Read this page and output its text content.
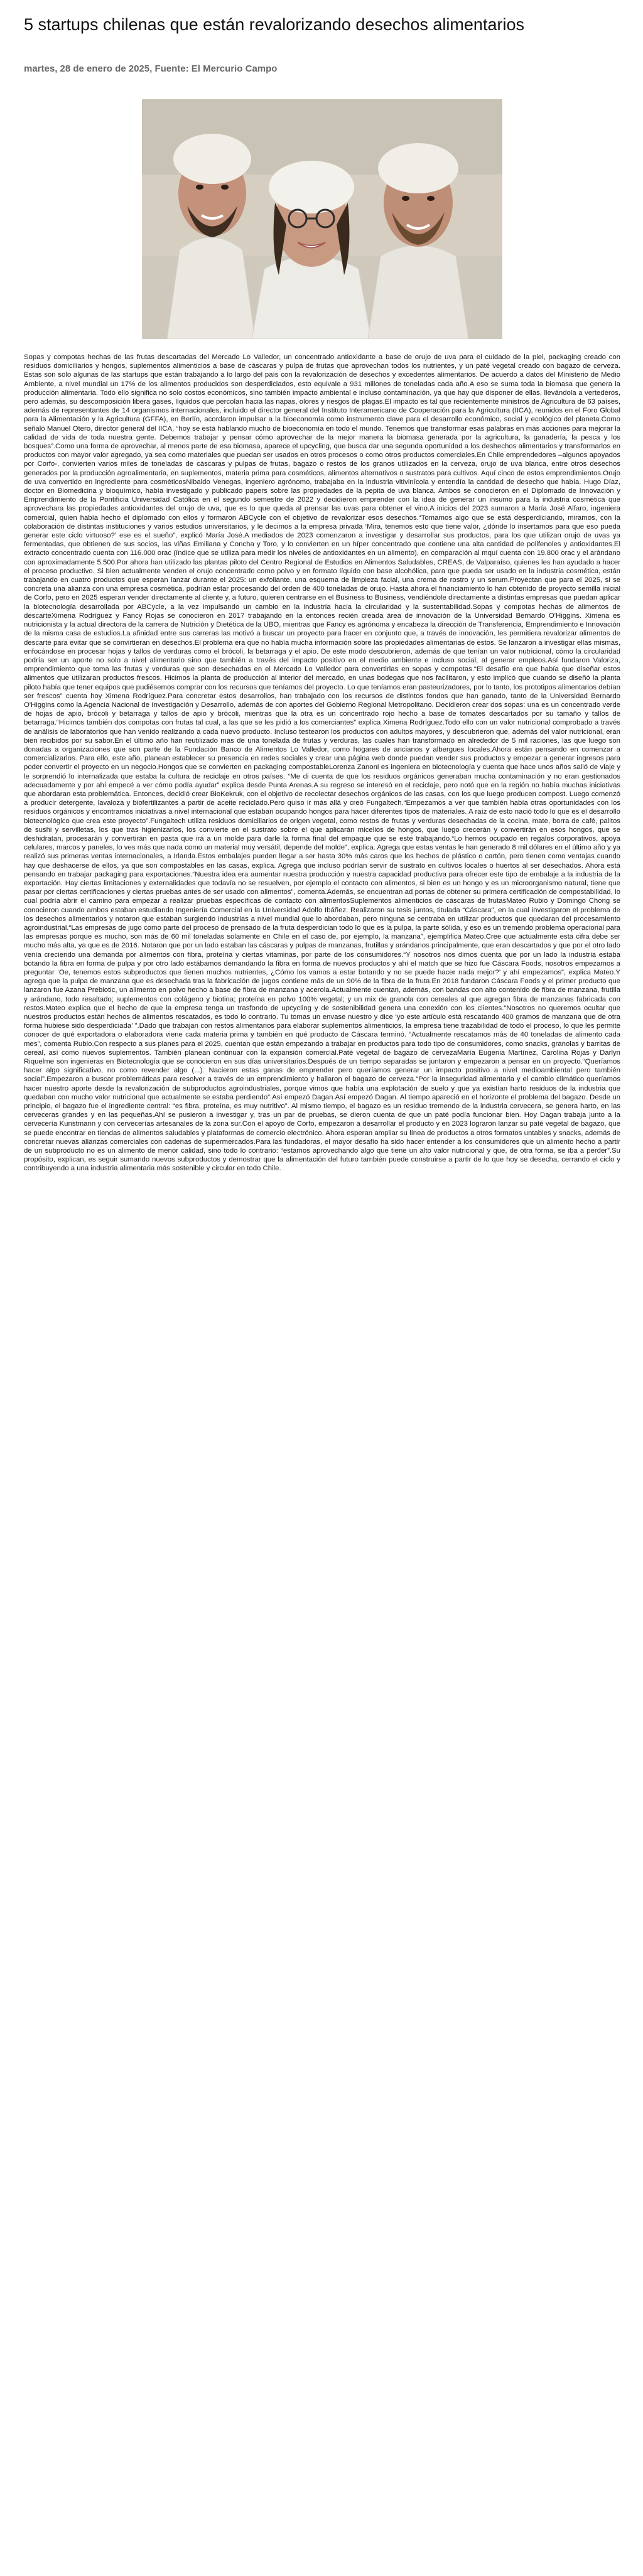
5 startups chilenas que están revalorizando desechos alimentarios
martes, 28 de enero de 2025, Fuente: El Mercurio Campo

Sopas y compotas hechas de las frutas descartadas del Mercado Lo Valledor, un concentrado antioxidante a base de orujo de uva para el cuidado de la piel, packaging creado con residuos domiciliarios y hongos, suplementos alimenticios a base de cáscaras y pulpa de frutas que aprovechan todos los nutrientes, y un paté vegetal creado con bagazo de cerveza. Estas son solo algunas de las startups que están trabajando a lo largo del país con la revalorización de desechos y excedentes alimentarios. De acuerdo a datos del Ministerio de Medio Ambiente, a nivel mundial un 17% de los alimentos producidos son desperdiciados, esto equivale a 931 millones de toneladas cada año.A eso se suma toda la biomasa que genera la producción alimentaria. Todo ello significa no solo costos económicos, sino también impacto ambiental e incluso contaminación, ya que hay que disponer de ellas, llevándola a vertederos, pero además, su descomposición libera gases, líquidos que percolan hacia las napas, olores y riesgos de plagas.El impacto es tal que recientemente ministros de Agricultura de 63 países, además de representantes de 14 organismos internacionales, incluido el director general del Instituto Interamericano de Cooperación para la Agricultura (IICA), reunidos en el Foro Global para la Alimentación y la Agricultura (GFFA), en Berlín, acordaron impulsar a la bioeconomía como instrumento clave para el desarrollo económico, social y ecológico del planeta.Como señaló Manuel Otero, director general del IICA, “hoy se está hablando mucho de bioeconomía en todo el mundo. Tenemos que transformar esas palabras en más acciones para mejorar la calidad de vida de toda nuestra gente. Debemos trabajar y pensar cómo aprovechar de la mejor manera la biomasa generada por la agricultura, la ganadería, la pesca y los bosques”.Como una forma de aprovechar, al menos parte de esa biomasa, aparece el upcycling, que busca dar una segunda oportunidad a los deshechos alimentarios y transformarlos en productos con mayor valor agregado, ya sea como materiales que puedan ser usados en otros procesos o como otros productos comerciales.En Chile emprendedores –algunos apoyados por Corfo-, convierten varios miles de toneladas de cáscaras y pulpas de frutas, bagazo o restos de los granos utilizados en la cerveza, orujo de uva blanca, entre otros desechos generados por la producción agroalimentaria, en suplementos, materia prima para cosméticos, alimentos alternativos o sustratos para cultivos. Aquí cinco de estos emprendimientos.Orujo de uva convertido en ingrediente para cosméticosNibaldo Venegas, ingeniero agrónomo, trabajaba en la industria vitivinícola y entendía la cantidad de desecho que había. Hugo Díaz, doctor en Biomedicina y bioquímico, había investigado y publicado papers sobre las propiedades de la pepita de uva blanca. Ambos se conocieron en el Diplomado de Innovación y Emprendimiento de la Pontificia Universidad Católica en el segundo semestre de 2022 y decidieron emprender con la idea de generar un insumo para la industria cosmética que aprovechara las propiedades antioxidantes del orujo de uva, que es lo que queda al prensar las uvas para obtener el vino.A inicios del 2023 sumaron a María José Alfaro, ingeniera comercial, quien había hecho el diplomado con ellos y formaron ABCycle con el objetivo de revalorizar esos desechos.“Tomamos algo que se está desperdiciando, miramos, con la colaboración de distintas instituciones y varios estudios universitarios, y le decimos a la empresa privada ‘Mira, tenemos esto que tiene valor, ¿dónde lo insertamos para que eso pueda generar este ciclo virtuoso?’ ese es el sueño”, explicó María José.A mediados de 2023 comenzaron a investigar y desarrollar sus productos, para los que utilizan orujo de uvas ya fermentadas, que obtienen de sus socios, las viñas Emiliana y Concha y Toro, y lo convierten en un híper concentrado que contiene una alta cantidad de polifenoles y antioxidantes.El extracto concentrado cuenta con 116.000 orac (índice que se utiliza para medir los niveles de antioxidantes en un alimento), en comparación al mquí cuenta con 19.800 orac y el arándano con aproximadamente 5.500.Por ahora han utilizado las plantas piloto del Centro Regional de Estudios en Alimentos Saludables, CREAS, de Valparaíso, quienes les han ayudado a hacer el proceso productivo. Si bien actualmente venden el orujo concentrado como polvo y en formato líquido con base alcohólica, para que pueda ser usado en la industria cosmética, están trabajando en cuatro productos que esperan lanzar durante el 2025: un exfoliante, una esquema de limpieza facial, una crema de rostro y un serum.Proyectan que para el 2025, si se concreta una alianza con una empresa cosmética, podrían estar procesando del orden de 400 toneladas de orujo. Hasta ahora el financiamiento lo han obtenido de proyecto semilla inicial de Corfo, pero en 2025 esperan vender directamente al cliente y, a futuro, quieren centrarse en el Business to Business, vendiéndole directamente a distintas empresas que puedan aplicar la biotecnología desarrollada por ABCycle, a la vez impulsando un cambio en la industria hacia la circularidad y la sustentabilidad.Sopas y compotas hechas de alimentos de descarteXimena Rodríguez y Fancy Rojas se conocieron en 2017 trabajando en la entonces recién creada área de innovación de la Universidad Bernardo O'Higgins. Ximena es nutricionista y la actual directora de la carrera de Nutrición y Dietética de la UBO, mientras que Fancy es agrónoma y encabeza la dirección de Transferencia, Emprendimiento e Innovación de la misma casa de estudios.La afinidad entre sus carreras las motivó a buscar un proyecto para hacer en conjunto que, a través de innovación, les permitiera revalorizar alimentos de descarte para evitar que se convirtieran en desechos.El problema era que no había mucha información sobre las propiedades alimentarias de estos. Se lanzaron a investigar ellas mismas, enfocándose en procesar hojas y tallos de verduras como el brócoli, la betarraga y el apio. De este modo descubrieron, además de que tenían un valor nutricional, cómo la circularidad podría ser un aporte no solo a nivel alimentario sino que también a través del impacto positivo en el medio ambiente e incluso social, al generar empleos.Así fundaron Valoriza, emprendimiento que toma las frutas y verduras que son desechadas en el Mercado Lo Valledor para convertirlas en sopas y compotas.“El desafío era que había que diseñar estos alimentos que utilizaran productos frescos. Hicimos la planta de producción al interior del mercado, en unas bodegas que nos facilitaron, y esto implicó que cuando se diseñó la planta piloto había que tener equipos que pudiésemos comprar con los recursos que teníamos del proyecto. Lo que teníamos eran pasteurizadores, por lo tanto, los prototipos alimentarios debían ser frescos” cuenta hoy Ximena Rodríguez.Para concretar estos desarrollos, han trabajado con los recursos de distintos fondos que han ganado, tanto de la Universidad Bernardo O'Higgins como la Agencia Nacional de Investigación y Desarrollo, además de con aportes del Gobierno Regional Metropolitano. Decidieron crear dos sopas: una es un concentrado verde de hojas de apio, brócoli y betarraga y tallos de apio y brócoli, mientras que la otra es un concentrado rojo hecho a base de tomates descartados por su tamaño y tallos de betarraga.“Hicimos también dos compotas con frutas tal cual, a las que se les pidió a los comerciantes” explica Ximena Rodríguez.Todo ello con un valor nutricional comprobado a través de análisis de laboratorios que han venido realizando a cada nuevo producto. Incluso testearon los productos con adultos mayores, y descubrieron que, además del valor nutricional, eran bien recibidos por su sabor.En el último año han reutilizado más de una tonelada de frutas y verduras, las cuales han transformado en alrededor de 5 mil raciones, las que luego son donadas a organizaciones que son parte de la Fundación Banco de Alimentos Lo Valledor, como hogares de ancianos y albergues locales.Ahora están pensando en comenzar a comercializarlos. Para ello, este año, planean establecer su presencia en redes sociales y crear una página web donde puedan vender sus productos y empezar a generar ingresos para poder convertir el proyecto en un negocio.Hongos que se convierten en packaging compostableLorenza Zanoni es ingeniera en biotecnología y cuenta que hace unos años salió de viaje y le sorprendió lo internalizada que estaba la cultura de reciclaje en otros países. “Me di cuenta de que los residuos orgánicos generaban mucha contaminación y no eran gestionados adecuadamente y por ahí empecé a ver cómo podía ayudar” explica desde Punta Arenas.A su regreso se interesó en el reciclaje, pero notó que en la región no había muchas iniciativas que abordaran esta problemática. Entonces, decidió crear BioKekruk, con el objetivo de recolectar desechos orgánicos de las casas, con los que luego producen compost. Luego comenzó a producir detergente, lavaloza y biofertilizantes a partir de aceite reciclado.Pero quiso ir más allá y creó Fungaltech.“Empezamos a ver que también había otras oportunidades con los residuos orgánicos y encontramos iniciativas a nivel internacional que estaban ocupando hongos para hacer diferentes tipos de materiales. A raíz de esto nació todo lo que es el desarrollo biotecnológico que crea este proyecto”.Fungaltech utiliza residuos domiciliarios de origen vegetal, como restos de frutas y verduras desechadas de la cocina, mate, borra de café, palitos de sushi y servilletas, los que tras higienizarlos, los convierte en el sustrato sobre el que aplicarán micelios de hongos, que luego crecerán y convertirán en esos hongos, que se deshidratan, procesarán y convertirán en pasta que irá a un molde para darle la forma final del empaque que se esté trabajando.“Lo hemos ocupado en regalos corporativos, apoya celulares, marcos y paneles, lo ves más que nada como un material muy versátil, depende del molde”, explica. Agrega que estas ventas le han generado 8 mil dólares en el último año y ya realizó sus primeras ventas internacionales, a Irlanda.Estos embalajes pueden llegar a ser hasta 30% más caros que los hechos de plástico o cartón, pero tienen como ventajas cuando hay que deshacerse de ellos, ya que son compostables en las casas, explica. Agrega que incluso podrían servir de sustrato en cultivos locales o huertos al ser desechados. Ahora está pensando en trabajar packaging para exportaciones.“Nuestra idea era aumentar nuestra producción y nuestra capacidad productiva para ofrecer este tipo de embalaje a la industria de la exportación. Hay ciertas limitaciones y externalidades que todavía no se resuelven, por ejemplo el contacto con alimentos, si bien es un hongo y es un microorganismo natural, tiene que pasar por ciertas certificaciones y ciertas pruebas antes de ser usado con alimentos”, comenta.Además, se encuentran ad portas de obtener su primera certificación de compostabilidad, lo cual podría abrir el camino para empezar a realizar pruebas específicas de contacto con alimentosSuplementos alimenticios de cáscaras de frutasMateo Rubio y Domingo Chong se conocieron cuando ambos estaban estudiando Ingeniería Comercial en la Universidad Adolfo Ibáñez. Realizaron su tesis juntos, titulada “Cáscara”, en la cual investigaron el problema de los desechos alimentarios y notaron que estaban surgiendo industrias a nivel mundial que lo abordaban, pero ninguna se centraba en utilizar productos que quedaran del procesamiento agroindustrial.“Las empresas de jugo como parte del proceso de prensado de la fruta desperdician todo lo que es la pulpa, la parte sólida, y eso es un tremendo problema operacional para las empresas porque es mucho, son más de 60 mil toneladas solamente en Chile en el caso de, por ejemplo, la manzana”, ejemplifica Mateo.Cree que actualmente esta cifra debe ser mucho más alta, ya que es de 2016. Notaron que por un lado estaban las cáscaras y pulpas de manzanas, frutillas y arándanos principalmente, que eran descartados y que por el otro lado venía creciendo una demanda por alimentos con fibra, proteína y ciertas vitaminas, por parte de los consumidores.“Y nosotros nos dimos cuenta que por un lado la industria estaba botando la fibra en forma de pulpa y por otro lado estábamos demandando la fibra en forma de nuevos productos y ahí el match que se hizo fue Cáscara Foods, nosotros empezamos a preguntar ‘Oe, tenemos estos subproductos que tienen muchos nutrientes, ¿Cómo los vamos a estar botando y no se puede hacer nada mejor?’ y ahí empezamos”, explica Mateo.Y agrega que la pulpa de manzana que es desechada tras la fabricación de jugos contiene más de un 90% de la fibra de la fruta.En 2018 fundaron Cáscara Foods y el primer producto que lanzaron fue Azana Prebiotic, un alimento en polvo hecho a base de fibra de manzana y acerola.Actualmente cuentan, además, con bandas con alto contenido de fibra de manzana, frutilla y arándano, todo resaltado; suplementos con colágeno y biotina; proteína en polvo 100% vegetal; y un mix de granola con cereales al que agregan fibra de manzanas fabricada con restos.Mateo explica que el hecho de que la empresa tenga un trasfondo de upcycling y de sostenibilidad genera una conexión con los clientes.“Nosotros no queremos ocultar que nuestros productos están hechos de alimentos rescatados, es todo lo contrario. Tu tomas un envase nuestro y dice ‘yo este artículo está rescatando 400 gramos de manzana que de otra forma hubiese sido desperdiciada’ ”.Dado que trabajan con restos alimentarios para elaborar suplementos alimenticios, la empresa tiene trazabilidad de todo el proceso, lo que les permite conocer de qué exportadora o elaboradora viene cada materia prima y también en qué producto de Cáscara terminó. “Actualmente rescatamos más de 40 toneladas de alimento cada mes”, comenta Rubio.Con respecto a sus planes para el 2025, cuentan que están empezando a trabajar en productos para todo tipo de consumidores, como snacks, granolas y barritas de cereal, así como nuevos suplementos. También planean continuar con la expansión comercial.Paté vegetal de bagazo de cervezaMaría Eugenia Martínez, Carolina Rojas y Darlyn Riquelme son ingenieras en Biotecnología que se conocieron en sus días universitarios.Después de un tiempo separadas se juntaron y empezaron a pensar en un proyecto.“Queríamos hacer algo significativo, no como revender algo (...). Nacieron estas ganas de emprender pero queríamos generar un impacto positivo a nivel medioambiental pero también social”.Empezaron a buscar problemáticas para resolver a través de un emprendimiento y hallaron el bagazo de cerveza.“Por la inseguridad alimentaria y el cambio climático queríamos hacer nuestro aporte desde la revalorización de subproductos agroindustriales, porque vimos que había una explotación de suelo y que ya existían harto residuos de la industria que quedaban con mucho valor nutricional que actualmente se estaba perdiendo”.Así empezó Dagan.Así empezó Dagan. Al tiempo apareció en el horizonte el problema del bagazo. Desde un principio, el bagazo fue el ingrediente central: “es fibra, proteína, es muy nutritivo”. Al mismo tiempo, el bagazo es un residuo tremendo de la industria cervecera, se genera harto, en las cerveceras grandes y en las pequeñas.Ahí se pusieron a investigar y, tras un par de pruebas, se dieron cuenta de que un paté podía funcionar bien. Hoy Dagan trabaja junto a la cervecería Kunstmann y con cervecerías artesanales de la zona sur.Con el apoyo de Corfo, empezaron a desarrollar el producto y en 2023 lograron lanzar su paté vegetal de bagazo, que se puede encontrar en tiendas de alimentos saludables y plataformas de comercio electrónico. Ahora esperan ampliar su línea de productos a otros formatos untables y snacks, además de concretar nuevas alianzas comerciales con cadenas de supermercados.Para las fundadoras, el mayor desafío ha sido hacer entender a los consumidores que un alimento hecho a partir de un subproducto no es un alimento de menor calidad, sino todo lo contrario: “estamos aprovechando algo que tiene un alto valor nutricional y que, de otra forma, se iba a perder”.Su propósito, explican, es seguir sumando nuevos subproductos y demostrar que la alimentación del futuro también puede construirse a partir de lo que hoy se desecha, cerrando el ciclo y contribuyendo a una industria alimentaria más sostenible y circular en todo Chile.
